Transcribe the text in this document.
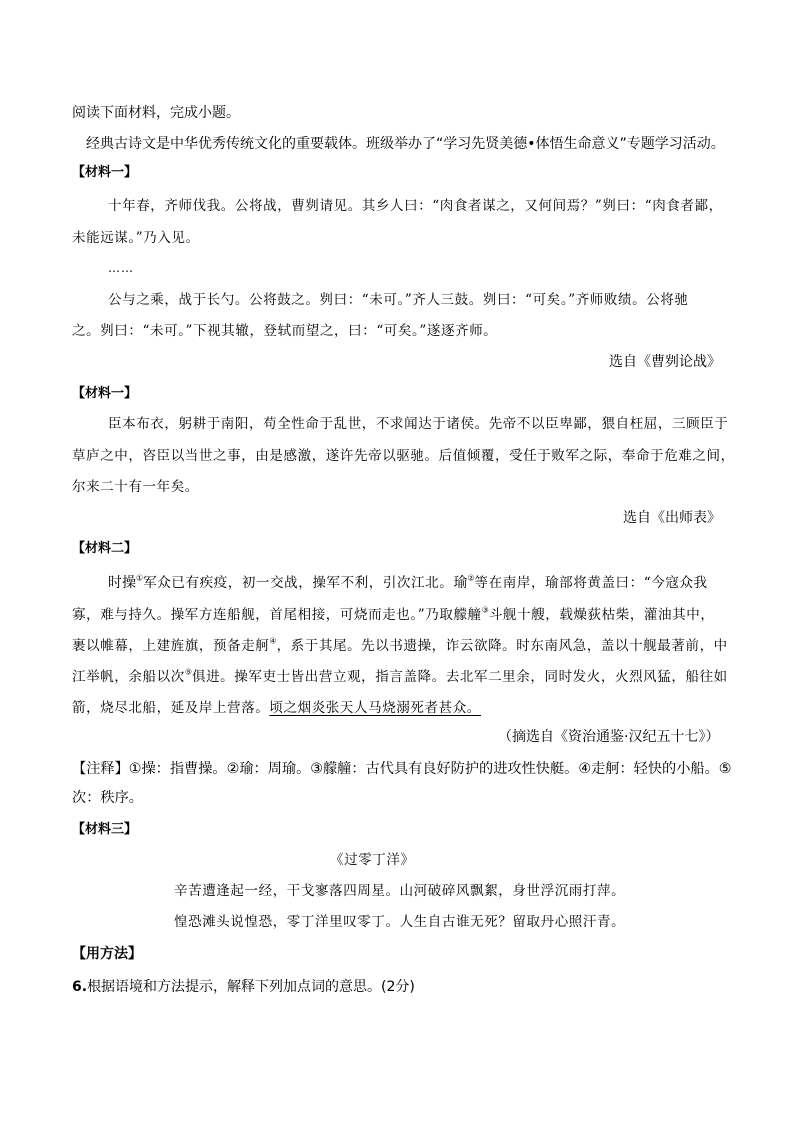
阅读下面材料，完成小题。
经典古诗文是中华优秀传统文化的重要载体。班级举办了“学习先贤美德•体悟生命意义”专题学习活动。
【材料一】
十年春，齐师伐我。公将战，曹刿请见。其乡人曰：“肉食者谋之，又何间焉？”刿曰：“肉食者鄙，
未能远谋。”乃入见。
……
公与之乘，战于长勺。公将鼓之。刿曰：“未可。”齐人三鼓。刿曰：“可矣。”齐师败绩。公将驰
之。刿曰：“未可。”下视其辙，登轼而望之，曰：“可矣。”遂逐齐师。
选自《曹刿论战》
【材料一】
臣本布衣，躬耕于南阳，苟全性命于乱世，不求闻达于诸侯。先帝不以臣卑鄙，猥自枉屈，三顾臣于
草庐之中，咨臣以当世之事，由是感激，遂许先帝以驱驰。后值倾覆，受任于败军之际，奉命于危难之间，
尔来二十有一年矣。
选自《出师表》
【材料二】
时操①军众已有疾疫，初一交战，操军不利，引次江北。瑜②等在南岸，瑜部将黄盖曰：“今寇众我
寡，难与持久。操军方连船舰，首尾相接，可烧而走也。”乃取艨艟③斗舰十艘，载燥荻枯柴，灌油其中，
裹以帷幕，上建旌旗，预备走舸④，系于其尾。先以书遗操，诈云欲降。时东南风急，盖以十舰最著前，中
江举帆，余船以次⑤俱进。操军吏士皆出营立观，指言盖降。去北军二里余，同时发火，火烈风猛，船往如
箭，烧尽北船，延及岸上营落。顷之烟炎张天人马烧溺死者甚众。
（摘选自《资治通鉴·汉纪五十七》）
【注释】①操：指曹操。②瑜：周瑜。③艨艟：古代具有良好防护的进攻性快艇。④走舸：轻快的小船。⑤
次：秩序。
【材料三】
《过零丁洋》
辛苦遭逢起一经，干戈寥落四周星。山河破碎风飘絮，身世浮沉雨打萍。
惶恐滩头说惶恐，零丁洋里叹零丁。人生自古谁无死？留取丹心照汗青。
【用方法】
6.根据语境和方法提示，解释下列加点词的意思。(2分)
